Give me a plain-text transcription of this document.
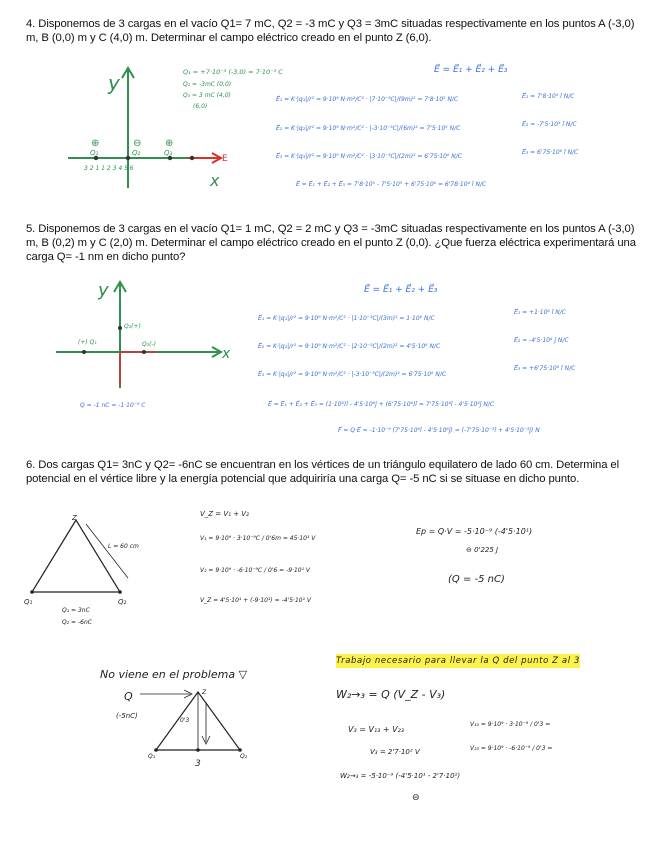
4. Disponemos de 3 cargas en el vacío Q1= 7 mC, Q2 = -3 mC y Q3 = 3mC situadas respectivamente en los puntos A (-3,0) m, B (0,0) m y C (4,0) m. Determinar el campo eléctrico creado en el punto Z (6,0).
5. Disponemos de 3 cargas en el vacío Q1= 1 mC, Q2 = 2 mC y Q3 = -3mC situadas respectivamente en los puntos A (-3,0) m, B (0,2) m y C (2,0) m. Determinar el campo eléctrico creado en el punto Z (0,0). ¿Que fuerza eléctrica experimentará una carga Q= -1 nm en dicho punto?
6. Dos cargas Q1= 3nC y Q2= -6nC se encuentran en los vértices de un triángulo equilatero de lado 60 cm. Determina el potencial en el vértice libre y la energía potencial que adquiriría una carga Q= -5 nC si se situase en dicho punto.
y
x
E
⊕	⊖ ⊕
Q₁	Q₂	Q₃
3 2 1 1 2 3 4 5 6
Q₁ = +7·10⁻³ (-3,0) = 7·10⁻³ C
Q₂ = -3mC (0,0)
Q₃ = 3 mC (4,0)
(6,0)
E⃗ = E⃗₁ + E⃗₂ + E⃗₃
E⃗₁ = K·|q₁|/r² = 9·10⁹ N·m²/C² · |7·10⁻³C|/(9m)² = 7'8·10⁵ N/C	E⃗₁ = 7'8·10⁵ î N/C
E⃗₂ = K·|q₂|/r² = 9·10⁹ N·m²/C² · |-3·10⁻³C|/(6m)² = 7'5·10⁵ N/C
E⃗₂ = -7'5·10⁵ î N/C
E⃗₃ = K·|q₃|/r² = 9·10⁹ N·m²/C² · |3·10⁻³C|/(2m)² = 6'75·10⁶ N/C
E⃗₃ = 6'75·10⁶ î N/C
E⃗ = E⃗₁ + E⃗₂ + E⃗₃ = 7'8·10⁵ - 7'5·10⁵ + 6'75·10⁶ = 6'78·10⁶ î N/C
y
x
(+) Q₁
Q₂(+)
Q₃(-)
Q = -1 nC = -1·10⁻⁹ C
E⃗ = E⃗₁ + E⃗₂ + E⃗₃
E⃗₁ = K·|q₁|/r² = 9·10⁹ N·m²/C² · |1·10⁻³C|/(3m)² = 1·10⁶ N/C
E⃗₁ = +1·10⁶ î N/C
E⃗₂ = K·|q₂|/r² = 9·10⁹ N·m²/C² · |2·10⁻³C|/(2m)² = 4'5·10⁶ N/C
E⃗₂ = -4'5·10⁶ ĵ N/C
E⃗₃ = K·|q₃|/r² = 9·10⁹ N·m²/C² · |-3·10⁻³C|/(2m)² = 6'75·10⁶ N/C
E⃗₃ = +6'75·10⁶ î N/C
E⃗ = E⃗₁ + E⃗₂ + E⃗₃ = (1·10⁶)î - 4'5·10⁶ĵ + (6'75·10⁶)î = 7'75·10⁶î - 4'5·10⁶ĵ N/C
F⃗ = Q·E⃗ = -1·10⁻⁹ (7'75·10⁶î - 4'5·10⁶ĵ) = (-7'75·10⁻³î + 4'5·10⁻³ĵ) N
Z
L = 60 cm
Q₁	Q₂
Q₁ = 3nC
Q₂ = -6nC
V_Z = V₁ + V₂
V₁ = 9·10⁹ · 3·10⁻⁹C / 0'6m = 45·10¹ V
V₂ = 9·10⁹ · -6·10⁻⁹C / 0'6 = -9·10¹ V
V_Z = 4'5·10¹ + (-9·10¹) = -4'5·10¹ V
Ep = Q·V = -5·10⁻⁹ (-4'5·10¹)
⊖ 0'225 J
(Q = -5 nC)
No viene en el problema ▽
Q
(-5nC)
Z
Q₁	Q₂
3
0'3
Trabajo necesario para llevar la Q del punto Z al 3
W₂→₃ = Q (V_Z - V₃)
V₃ = V₁₃ + V₂₃
V₃ = 2'7·10² V
V₁₃ = 9·10⁹ · 3·10⁻⁹ / 0'3 =
V₂₃ = 9·10⁹ · -6·10⁻⁹ / 0'3 =
W₂→₃ = -5·10⁻⁹ (-4'5·10¹ - 2'7·10²)
⊖
